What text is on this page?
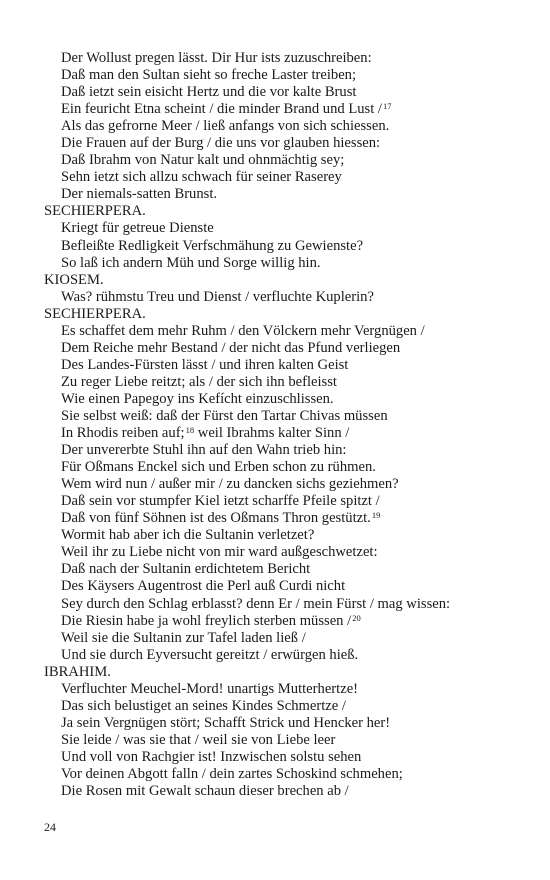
Der Wollust pregen lässt. Dir Hur ists zuzuschreiben:
Daß man den Sultan sieht so freche Laster treiben;
Daß ietzt sein eisicht Hertz und die vor kalte Brust
Ein feuricht Etna scheint / die minder Brand und Lust /$^{17}$
Als das gefrorne Meer / ließ anfangs von sich schiessen.
Die Frauen auf der Burg / die uns vor glauben hiessen:
Daß Ibrahm von Natur kalt und ohnmächtig sey;
Sehn ietzt sich allzu schwach für seiner Raserey
Der niemals-satten Brunst.
SECHIERPERA.
Kriegt für getreue Dienste
Befleißte Redligkeit Verfschmähung zu Gewienste?
So laß ich andern Müh und Sorge willig hin.
KIOSEM.
Was? rühmstu Treu und Dienst / verfluchte Kuplerin?
SECHIERPERA.
Es schaffet dem mehr Ruhm / den Völckern mehr Vergnügen /
Dem Reiche mehr Bestand / der nicht das Pfund verliegen
Des Landes-Fürsten lässt / und ihren kalten Geist
Zu reger Liebe reitzt; als / der sich ihn befleisst
Wie einen Papegoy ins Kefícht einzuschlissen.
Sie selbst weiß: daß der Fürst den Tartar Chivas müssen
In Rhodis reiben auf;$^{18}$ weil Ibrahms kalter Sinn /
Der unvererbte Stuhl ihn auf den Wahn trieb hin:
Für Oßmans Enckel sich und Erben schon zu rühmen.
Wem wird nun / außer mir / zu dancken sichs geziehmen?
Daß sein vor stumpfer Kiel ietzt scharffe Pfeile spitzt /
Daß von fünf Söhnen ist des Oßmans Thron gestützt.$^{19}$
Wormit hab aber ich die Sultanin verletzet?
Weil ihr zu Liebe nicht von mir ward außgeschwetzet:
Daß nach der Sultanin erdichtetem Bericht
Des Käysers Augentrost die Perl auß Curdi nicht
Sey durch den Schlag erblasst? denn Er / mein Fürst / mag wissen:
Die Riesin habe ja wohl freylich sterben müssen /$^{20}$
Weil sie die Sultanin zur Tafel laden ließ /
Und sie durch Eyversucht gereitzt / erwürgen hieß.
IBRAHIM.
Verfluchter Meuchel-Mord! unartigs Mutterhertze!
Das sich belustiget an seines Kindes Schmertze /
Ja sein Vergnügen stört; Schafft Strick und Hencker her!
Sie leide / was sie that / weil sie von Liebe leer
Und voll von Rachgier ist! Inzwischen solstu sehen
Vor deinen Abgott falln / dein zartes Schoskind schmehen;
Die Rosen mit Gewalt schaun dieser brechen ab /
24
